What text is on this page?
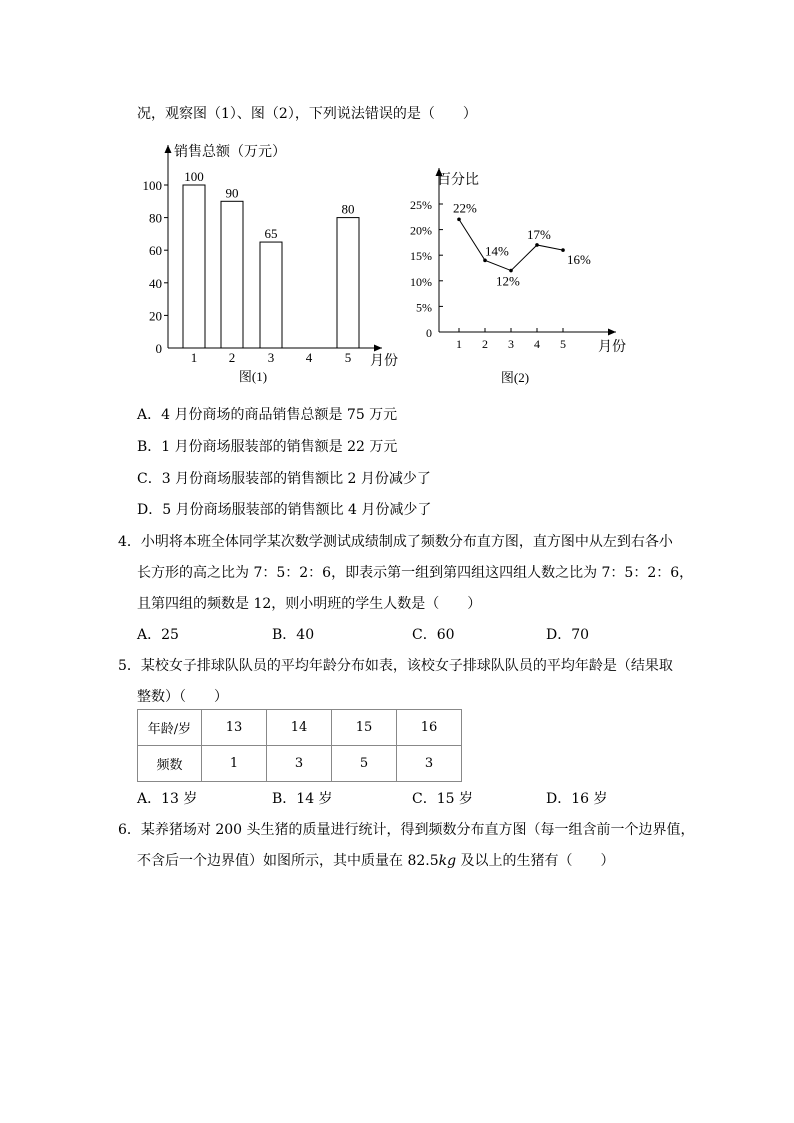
况，观察图（1）、图（2），下列说法错误的是（　　）
销售总额（万元）
月份
0
20
40
60
80
100
1 2	3 4	5
图(1)
100
90
65
80
百分比
月份
0
5%
10%
15%
20%
25%
1 2 3 4 5
图(2)
22%
14%
12%
17%
16%
A．4 月份商场的商品销售总额是 75 万元
B．1 月份商场服装部的销售额是 22 万元
C．3 月份商场服装部的销售额比 2 月份减少了
D．5 月份商场服装部的销售额比 4 月份减少了
4．小明将本班全体同学某次数学测试成绩制成了频数分布直方图，直方图中从左到右各小
长方形的高之比为 7：5：2：6，即表示第一组到第四组这四组人数之比为 7：5：2：6，
且第四组的频数是 12，则小明班的学生人数是（　　）
A．25	B．40	C．60	D．70
5．某校女子排球队队员的平均年龄分布如表，该校女子排球队队员的平均年龄是（结果取
整数）（　　）
年龄/岁	13	14	15	16
频数	1	3	5	3
A．13 岁	B．14 岁	C．15 岁	D．16 岁
6．某养猪场对 200 头生猪的质量进行统计，得到频数分布直方图（每一组含前一个边界值，
不含后一个边界值）如图所示，其中质量在 82.5kg 及以上的生猪有（　　）
